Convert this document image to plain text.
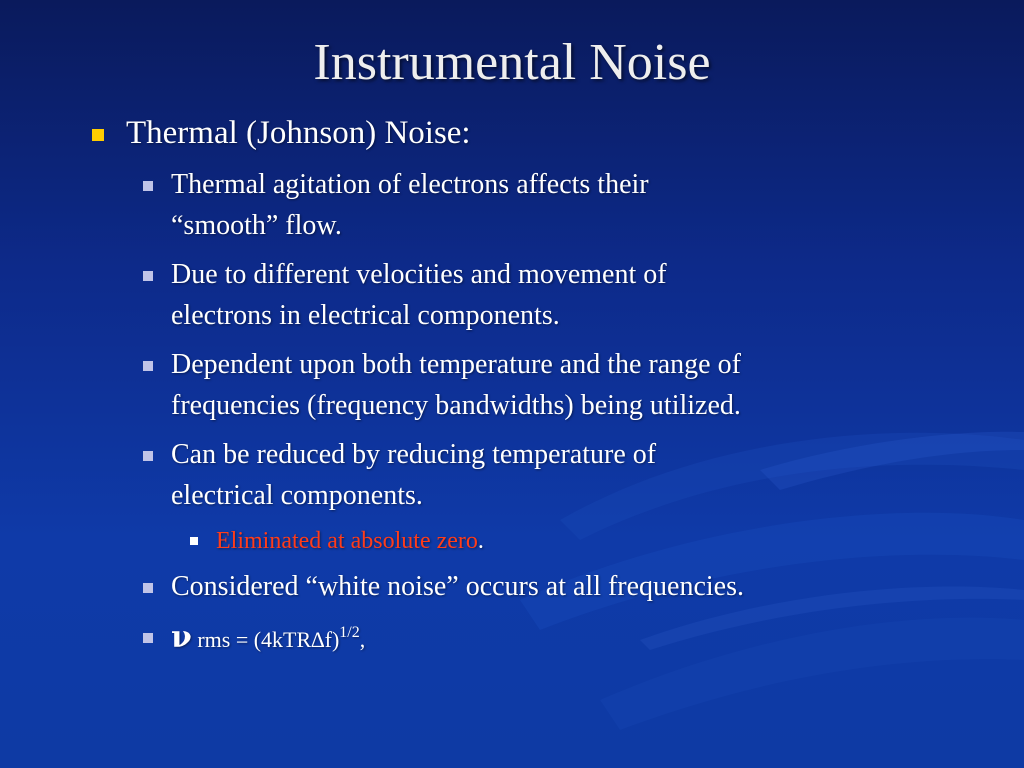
Instrumental Noise
Thermal (Johnson) Noise:
Thermal agitation of electrons affects their
“smooth” flow.
Due to different velocities and movement of
electrons in electrical components.
Dependent upon both temperature and the range of
frequencies (frequency bandwidths) being utilized.
Can be reduced by reducing temperature of
electrical components.
Eliminated at absolute zero.
Considered “white noise” occurs at all frequencies.
ν rms = $(4kTR\Delta f)^{1/2}$,
